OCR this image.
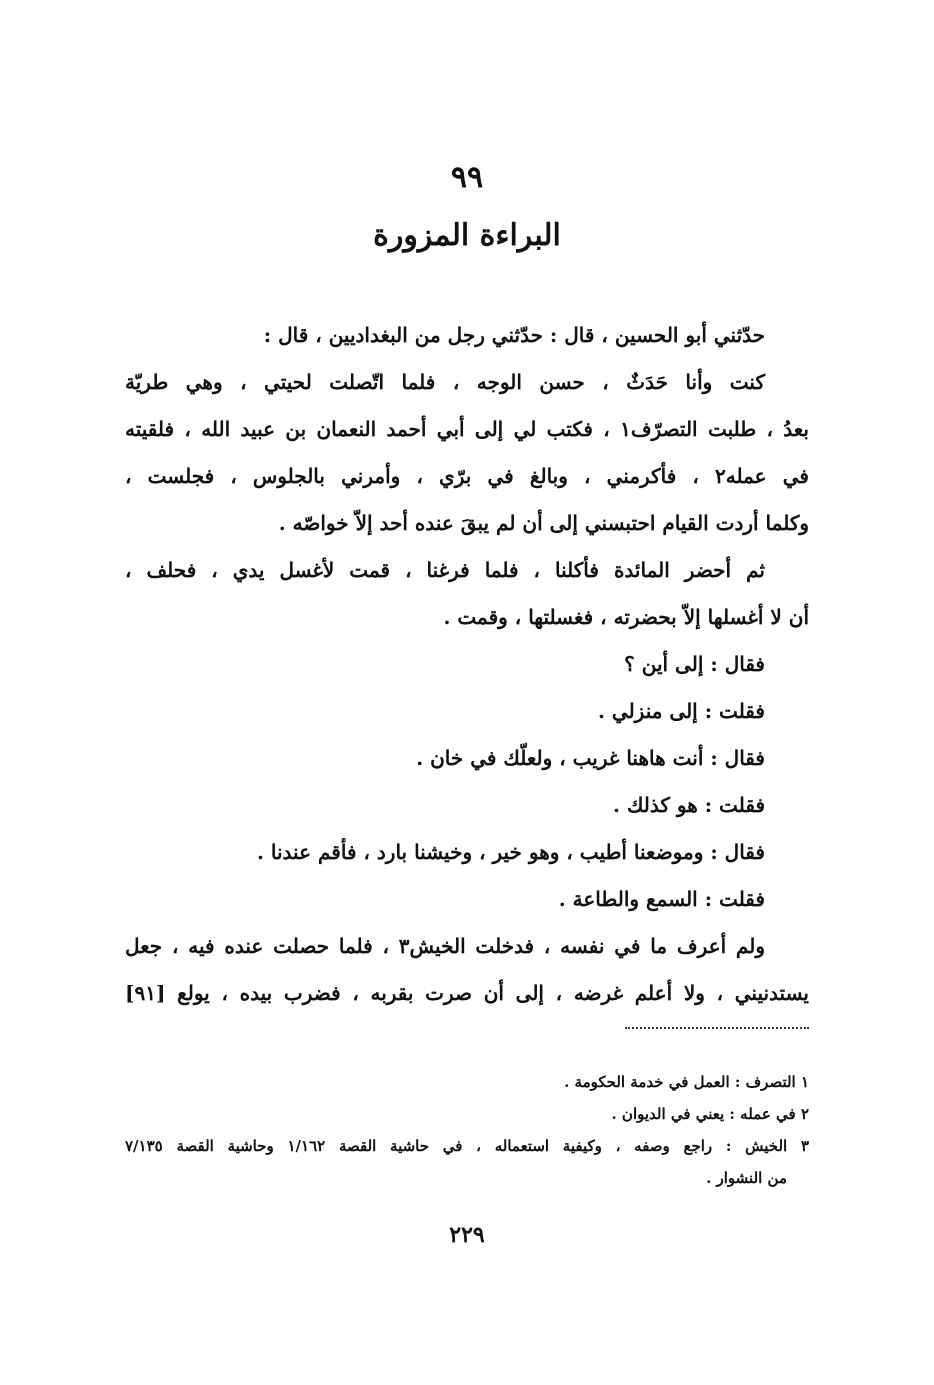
٩٩
البراءة المزورة
حدّثني أبو الحسين ، قال : حدّثني رجل من البغداديين ، قال :
كنت وأنا حَدَثٌ ، حسن الوجه ، فلما اتّصلت لحيتي ، وهي طريّة
بعدُ ، طلبت التصرّف١ ، فكتب لي إلى أبي أحمد النعمان بن عبيد الله ، فلقيته
في عمله٢ ، فأكرمني ، وبالغ في برّي ، وأمرني بالجلوس ، فجلست ،
وكلما أردت القيام احتبسني إلى أن لم يبقَ عنده أحد إلاّ خواصّه .
ثم أحضر المائدة فأكلنا ، فلما فرغنا ، قمت لأغسل يدي ، فحلف ،
أن لا أغسلها إلاّ بحضرته ، فغسلتها ، وقمت .
فقال : إلى أين ؟
فقلت : إلى منزلي .
فقال : أنت هاهنا غريب ، ولعلّك في خان .
فقلت : هو كذلك .
فقال : وموضعنا أطيب ، وهو خير ، وخيشنا بارد ، فأقم عندنا .
فقلت : السمع والطاعة .
ولم أعرف ما في نفسه ، فدخلت الخيش٣ ، فلما حصلت عنده فيه ، جعل
يستدنيني ، ولا أعلم غرضه ، إلى أن صرت بقربه ، فضرب بيده ، يولع [٩١]
١ التصرف : العمل في خدمة الحكومة .
٢ في عمله : يعني في الديوان .
٣ الخيش : راجع وصفه ، وكيفية استعماله ، في حاشية القصة ١/١٦٢ وحاشية القصة ٧/١٣٥
من النشوار .
٢٢٩
